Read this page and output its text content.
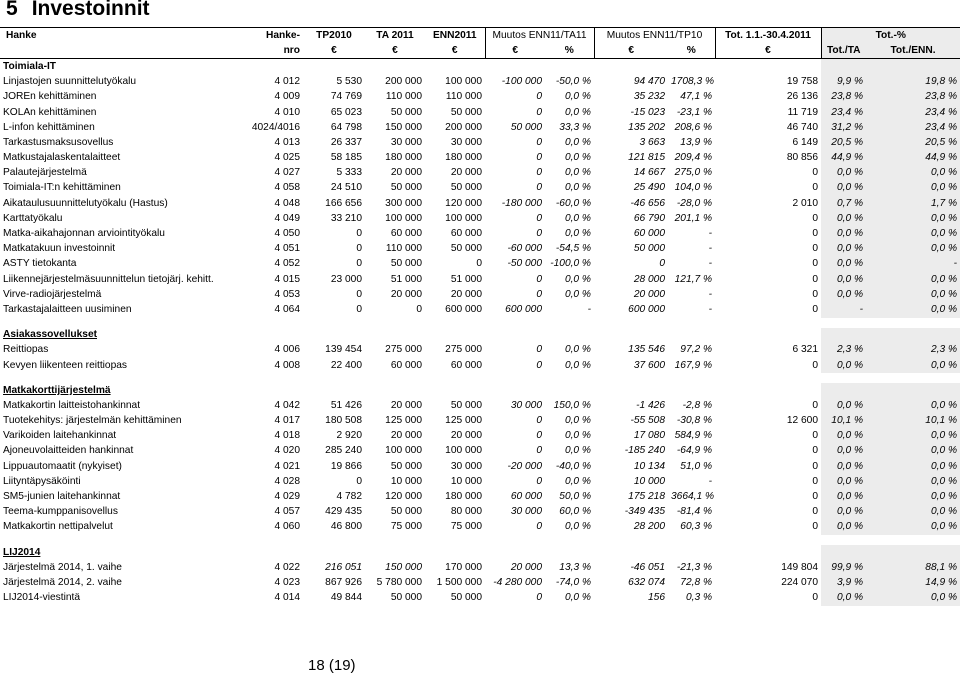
5 Investoinnit
Hanke	Hanke-	TP2010	TA 2011	ENN2011	Muutos ENN11/TA11		Muutos ENN11/TP10		Tot. 1.1.-30.4.2011	Tot.-%	
	nro	€	€	€	€	%	€	%	€	Tot./TA	Tot./ENN.
Toimiala-IT											
Linjastojen suunnittelutyökalu	4 012	5 530	200 000	100 000	-100 000	-50,0 %	94 470	1708,3 %	19 758	9,9 %	19,8 %
JOREn kehittäminen	4 009	74 769	110 000	110 000	0	0,0 %	35 232	47,1 %	26 136	23,8 %	23,8 %
KOLAn kehittäminen	4 010	65 023	50 000	50 000	0	0,0 %	-15 023	-23,1 %	11 719	23,4 %	23,4 %
L-infon kehittäminen	4024/4016	64 798	150 000	200 000	50 000	33,3 %	135 202	208,6 %	46 740	31,2 %	23,4 %
Tarkastusmaksusovellus	4 013	26 337	30 000	30 000	0	0,0 %	3 663	13,9 %	6 149	20,5 %	20,5 %
Matkustajalaskentalaitteet	4 025	58 185	180 000	180 000	0	0,0 %	121 815	209,4 %	80 856	44,9 %	44,9 %
Palautejärjestelmä	4 027	5 333	20 000	20 000	0	0,0 %	14 667	275,0 %	0	0,0 %	0,0 %
Toimiala-IT:n kehittäminen	4 058	24 510	50 000	50 000	0	0,0 %	25 490	104,0 %	0	0,0 %	0,0 %
Aikataulusuunnittelutyökalu (Hastus)	4 048	166 656	300 000	120 000	-180 000	-60,0 %	-46 656	-28,0 %	2 010	0,7 %	1,7 %
Karttatyökalu	4 049	33 210	100 000	100 000	0	0,0 %	66 790	201,1 %	0	0,0 %	0,0 %
Matka-aikahajonnan arviointityökalu	4 050	0	60 000	60 000	0	0,0 %	60 000	-	0	0,0 %	0,0 %
Matkatakuun investoinnit	4 051	0	110 000	50 000	-60 000	-54,5 %	50 000	-	0	0,0 %	0,0 %
ASTY tietokanta	4 052	0	50 000	0	-50 000	-100,0 %	0	-	0	0,0 %	-
Liikennejärjestelmäsuunnittelun tietojärj. kehitt.	4 015	23 000	51 000	51 000	0	0,0 %	28 000	121,7 %	0	0,0 %	0,0 %
Virve-radiojärjestelmä	4 053	0	20 000	20 000	0	0,0 %	20 000	-	0	0,0 %	0,0 %
Tarkastajalaitteen uusiminen	4 064	0	0	600 000	600 000	-	600 000	-	0	-	0,0 %

Asiakassovellukset											
Reittiopas	4 006	139 454	275 000	275 000	0	0,0 %	135 546	97,2 %	6 321	2,3 %	2,3 %
Kevyen liikenteen reittiopas	4 008	22 400	60 000	60 000	0	0,0 %	37 600	167,9 %	0	0,0 %	0,0 %

Matkakorttijärjestelmä											
Matkakortin laitteistohankinnat	4 042	51 426	20 000	50 000	30 000	150,0 %	-1 426	-2,8 %	0	0,0 %	0,0 %
Tuotekehitys: järjestelmän kehittäminen	4 017	180 508	125 000	125 000	0	0,0 %	-55 508	-30,8 %	12 600	10,1 %	10,1 %
Varikoiden laitehankinnat	4 018	2 920	20 000	20 000	0	0,0 %	17 080	584,9 %	0	0,0 %	0,0 %
Ajoneuvolaitteiden hankinnat	4 020	285 240	100 000	100 000	0	0,0 %	-185 240	-64,9 %	0	0,0 %	0,0 %
Lippuautomaatit (nykyiset)	4 021	19 866	50 000	30 000	-20 000	-40,0 %	10 134	51,0 %	0	0,0 %	0,0 %
Liityntäpysäköinti	4 028	0	10 000	10 000	0	0,0 %	10 000	-	0	0,0 %	0,0 %
SM5-junien laitehankinnat	4 029	4 782	120 000	180 000	60 000	50,0 %	175 218	3664,1 %	0	0,0 %	0,0 %
Teema-kumppanisovellus	4 057	429 435	50 000	80 000	30 000	60,0 %	-349 435	-81,4 %	0	0,0 %	0,0 %
Matkakortin nettipalvelut	4 060	46 800	75 000	75 000	0	0,0 %	28 200	60,3 %	0	0,0 %	0,0 %

LIJ2014											
Järjestelmä 2014, 1. vaihe	4 022	216 051	150 000	170 000	20 000	13,3 %	-46 051	-21,3 %	149 804	99,9 %	88,1 %
Järjestelmä 2014, 2. vaihe	4 023	867 926	5 780 000	1 500 000	-4 280 000	-74,0 %	632 074	72,8 %	224 070	3,9 %	14,9 %
LIJ2014-viestintä	4 014	49 844	50 000	50 000	0	0,0 %	156	0,3 %	0	0,0 %	0,0 %
18 (19)
